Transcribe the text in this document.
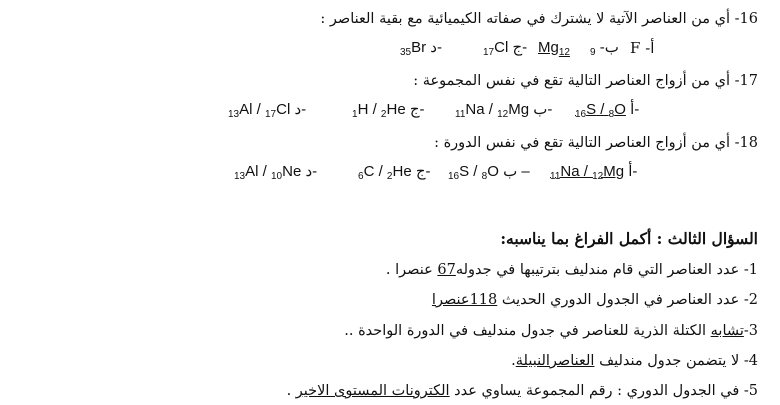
16- أي من العناصر الآتية لا يشترك في صفاته الكيميائية مع بقية العناصر :
$_{35}$Br د-	$_{17}$Cl ج- $Mg_{12}$	ب- $_9$	أ- F
17- أي من أزواج العناصر التالية تقع في نفس المجموعة :
$_{13}$Al / $_{17}$Cl د-	$_1$H / $_2$He ج-	$_{11}$Na / $_{12}$Mg ب- $_{16}$S / $_8$O أ-
18- أي من أزواج العناصر التالية تقع في نفس الدورة :
$_{13}$Al / $_{10}$Ne د-	$_6$C / $_2$He ج- $_{16}$S / $_8$O ب – $_{11}$Na / $_{12}$Mg أ-
السؤال الثالث : أكمل الفراغ بما يناسبه:
1- عدد العناصر التي قام مندليف بترتيبها في جدوله67 عنصرا .
2- عدد العناصر في الجدول الدوري الحديث 118عنصرا
3-تشابه الكتلة الذرية للعناصر في جدول مندليف في الدورة الواحدة ..
4- لا يتضمن جدول مندليف العناصرالنبيلة.
5- في الجدول الدوري : رقم المجموعة يساوي عدد الكترونات المستوى الاخير .
